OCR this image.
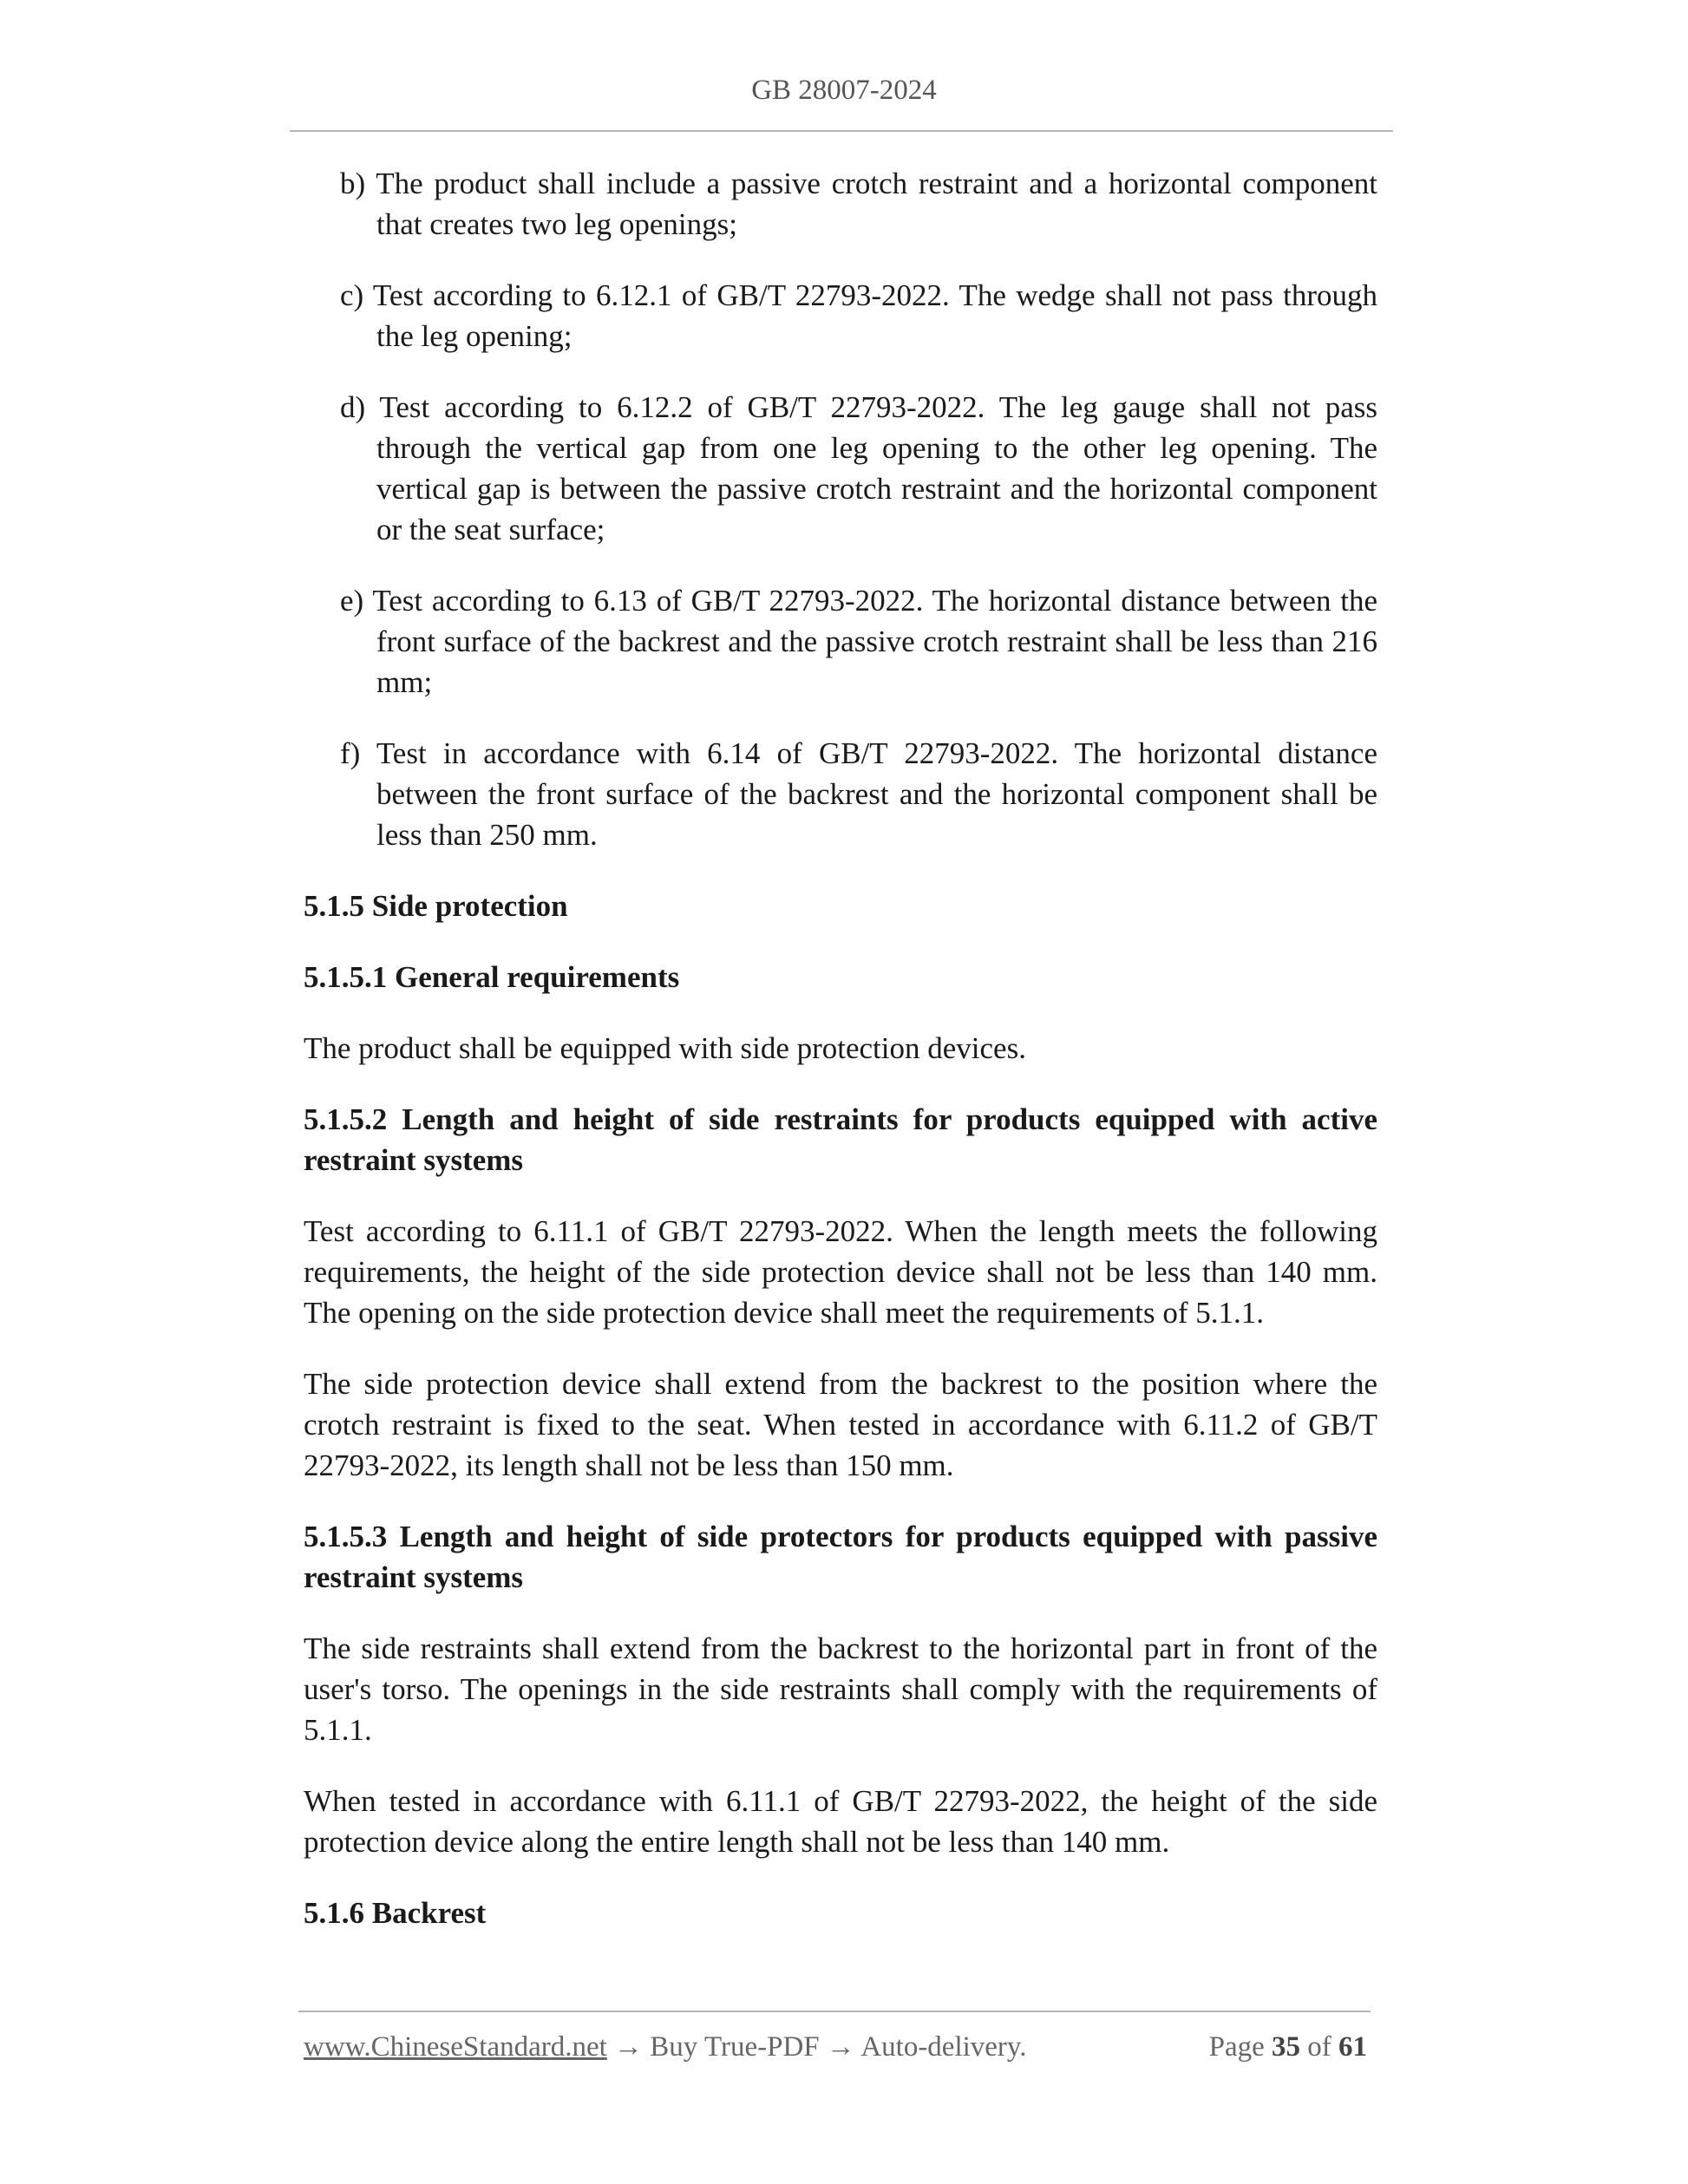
GB 28007-2024
b) The product shall include a passive crotch restraint and a horizontal component that creates two leg openings;
c) Test according to 6.12.1 of GB/T 22793-2022. The wedge shall not pass through the leg opening;
d) Test according to 6.12.2 of GB/T 22793-2022. The leg gauge shall not pass through the vertical gap from one leg opening to the other leg opening. The vertical gap is between the passive crotch restraint and the horizontal component or the seat surface;
e) Test according to 6.13 of GB/T 22793-2022. The horizontal distance between the front surface of the backrest and the passive crotch restraint shall be less than 216 mm;
f) Test in accordance with 6.14 of GB/T 22793-2022. The horizontal distance between the front surface of the backrest and the horizontal component shall be less than 250 mm.
5.1.5 Side protection
5.1.5.1 General requirements
The product shall be equipped with side protection devices.
5.1.5.2 Length and height of side restraints for products equipped with active restraint systems
Test according to 6.11.1 of GB/T 22793-2022. When the length meets the following requirements, the height of the side protection device shall not be less than 140 mm. The opening on the side protection device shall meet the requirements of 5.1.1.
The side protection device shall extend from the backrest to the position where the crotch restraint is fixed to the seat. When tested in accordance with 6.11.2 of GB/T 22793-2022, its length shall not be less than 150 mm.
5.1.5.3 Length and height of side protectors for products equipped with passive restraint systems
The side restraints shall extend from the backrest to the horizontal part in front of the user's torso. The openings in the side restraints shall comply with the requirements of 5.1.1.
When tested in accordance with 6.11.1 of GB/T 22793-2022, the height of the side protection device along the entire length shall not be less than 140 mm.
5.1.6 Backrest
www.ChineseStandard.net → Buy True-PDF → Auto-delivery.	Page 35 of 61
